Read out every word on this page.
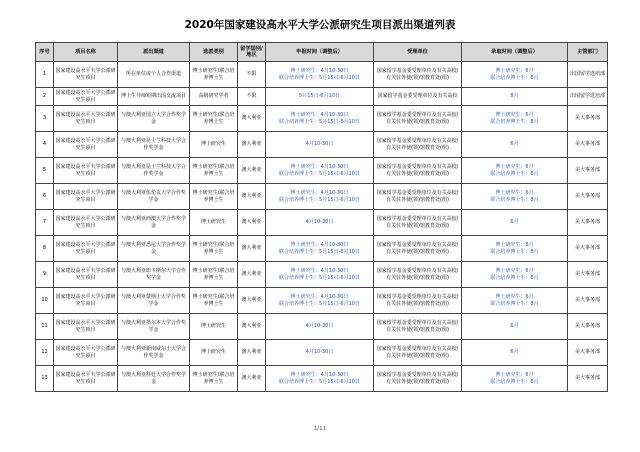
2020年国家建设高水平大学公派研究生项目派出渠道列表
序号	项目名称	派出渠道	选派类别	留学国别/地区	申报时间（调整后）	受理单位	录取时间（调整后）	主管部门
1	国家建设高水平大学公派研究生项目	所在单位或个人合作渠道	博士研究生/联合培养博士生	不限	博士研究生：4月10-30日
联合培养博士生：5月15日-6月10日	国家留学基金委受理单位及有关高校/有关驻外使(领)馆教育处(组)	博士研究生：6月
联合培养博士生：8月	出国留学选培部
2	国家建设高水平大学公派研究生项目	博士生导师短期出国交流项目	高级研究学者	不限	5月15日-6月10日	国家留学基金委受理单位及有关高校	8月	出国留学选培部
3	国家建设高水平大学公派研究生项目	与澳大利亚国立大学合作奖学金	博士研究生/联合培养博士生	澳大利亚	博士研究生：4月10-30日
联合培养博士生：5月15日-6月10日	国家留学基金委受理单位及有关高校/有关驻外使(领)馆教育处(组)	博士研究生：6月
联合培养博士生：8月	美大事务部
4	国家建设高水平大学公派研究生项目	与澳大利亚昆士兰科技大学合作奖学金	博士研究生	澳大利亚	4月10-30日	国家留学基金委受理单位及有关高校/有关驻外使(领)馆教育处(组)	6月	美大事务部
5	国家建设高水平大学公派研究生项目	与澳大利亚昆士兰科技大学合作奖学金	博士研究生/联合培养博士生	澳大利亚	博士研究生：4月10-30日
联合培养博士生：5月15日-6月10日	国家留学基金委受理单位及有关高校/有关驻外使(领)馆教育处(组)	博士研究生：6月
联合培养博士生：8月	美大事务部
6	国家建设高水平大学公派研究生项目	与澳大利亚伍伦贡大学合作奖学金	博士研究生/联合培养博士生	澳大利亚	博士研究生：4月10-30日
联合培养博士生：5月15日-6月10日	国家留学基金委受理单位及有关高校/有关驻外使(领)馆教育处(组)	博士研究生：6月
联合培养博士生：8月	美大事务部
7	国家建设高水平大学公派研究生项目	与澳大利亚西澳大学合作奖学金	博士研究生	澳大利亚	4月10-30日	国家留学基金委受理单位及有关高校/有关驻外使(领)馆教育处(组)	6月	美大事务部
8	国家建设高水平大学公派研究生项目	与澳大利亚悉尼大学合作奖学金	博士研究生/联合培养博士生	澳大利亚	博士研究生：4月10-30日
联合培养博士生：5月15日-6月10日	国家留学基金委受理单位及有关高校/有关驻外使(领)馆教育处(组)	博士研究生：6月
联合培养博士生：8月	美大事务部
9	国家建设高水平大学公派研究生项目	与澳大利亚纽卡斯尔大学合作奖学金	博士研究生/联合培养博士生	澳大利亚	博士研究生：4月10-30日
联合培养博士生：5月15日-6月10日	国家留学基金委受理单位及有关高校/有关驻外使(领)馆教育处(组)	博士研究生：6月
联合培养博士生：8月	美大事务部
10	国家建设高水平大学公派研究生项目	与澳大利亚蒙纳士大学合作奖学金	博士研究生/联合培养博士生	澳大利亚	博士研究生：4月10-30日
联合培养博士生：5月15日-6月10日	国家留学基金委受理单位及有关高校/有关驻外使(领)馆教育处(组)	博士研究生：6月
联合培养博士生：8月	美大事务部
11	国家建设高水平大学公派研究生项目	与澳大利亚墨尔本大学合作奖学金	博士研究生	澳大利亚	4月10-30日	国家留学基金委受理单位及有关高校/有关驻外使(领)馆教育处(组)	6月	美大事务部
12	国家建设高水平大学公派研究生项目	与澳大利亚新南威尔士大学合作奖学金	博士研究生	澳大利亚	4月10-30日	国家留学基金委受理单位及有关高校/有关驻外使(领)馆教育处(组)	6月	美大事务部
13	国家建设高水平大学公派研究生项目	与澳大利亚科廷大学合作奖学金	博士研究生/联合培养博士生	澳大利亚	博士研究生：4月10-30日
联合培养博士生：5月15日-6月10日	国家留学基金委受理单位及有关高校/有关驻外使(领)馆教育处(组)	博士研究生：6月
联合培养博士生：8月	美大事务部
1/11
